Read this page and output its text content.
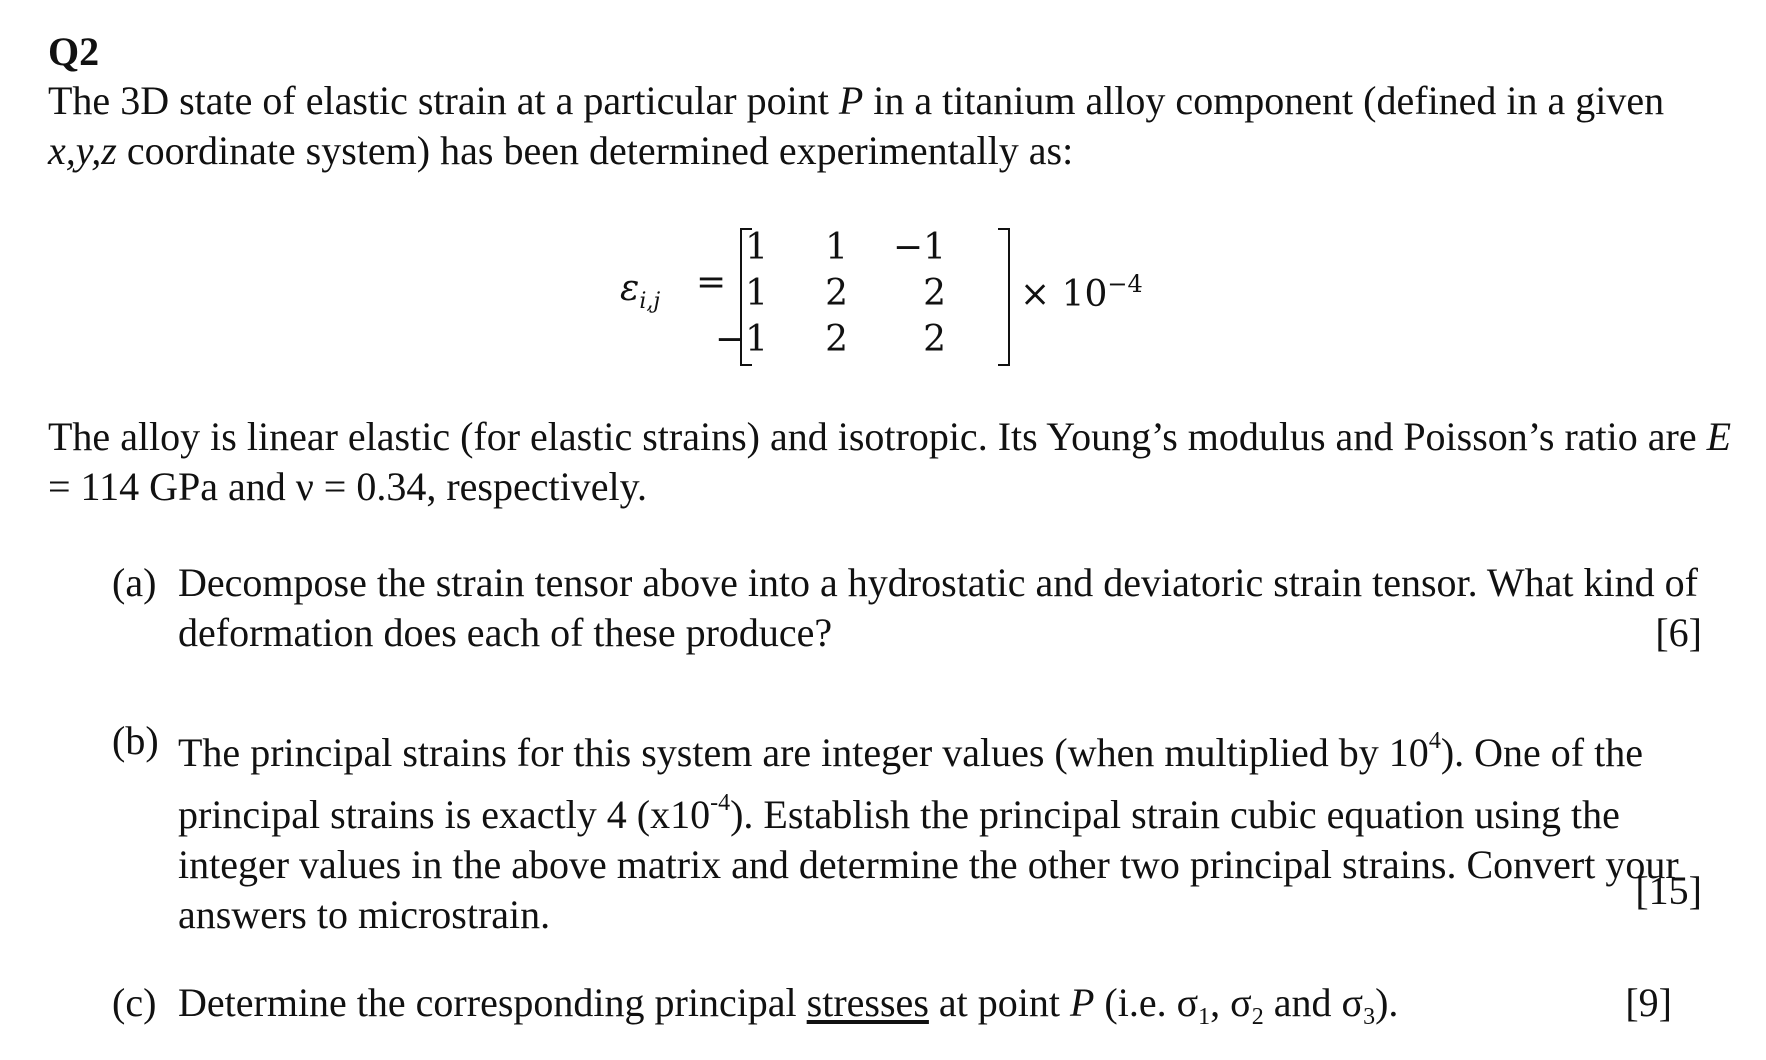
Q2
The 3D state of elastic strain at a particular point P in a titanium alloy component (defined in a given x,y,z coordinate system) has been determined experimentally as:
$\varepsilon_{i,j}$ =
1	1	−1
1	2	2
−1	2	2
× $10^{-4}$
The alloy is linear elastic (for elastic strains) and isotropic. Its Young’s modulus and Poisson’s ratio are E = 114 GPa and ν = 0.34, respectively.
(a) Decompose the strain tensor above into a hydrostatic and deviatoric strain tensor. What kind of deformation does each of these produce?	[6]
(b) The principal strains for this system are integer values (when multiplied by $10^4$). One of the principal strains is exactly 4 $(x10^{-4})$. Establish the principal strain cubic equation using the integer values in the above matrix and determine the other two principal strains. Convert your answers to microstrain.
[15]
(c) Determine the corresponding principal stresses at point P (i.e. $\sigma_1$, $\sigma_2$ and $\sigma_3$).	[9]
